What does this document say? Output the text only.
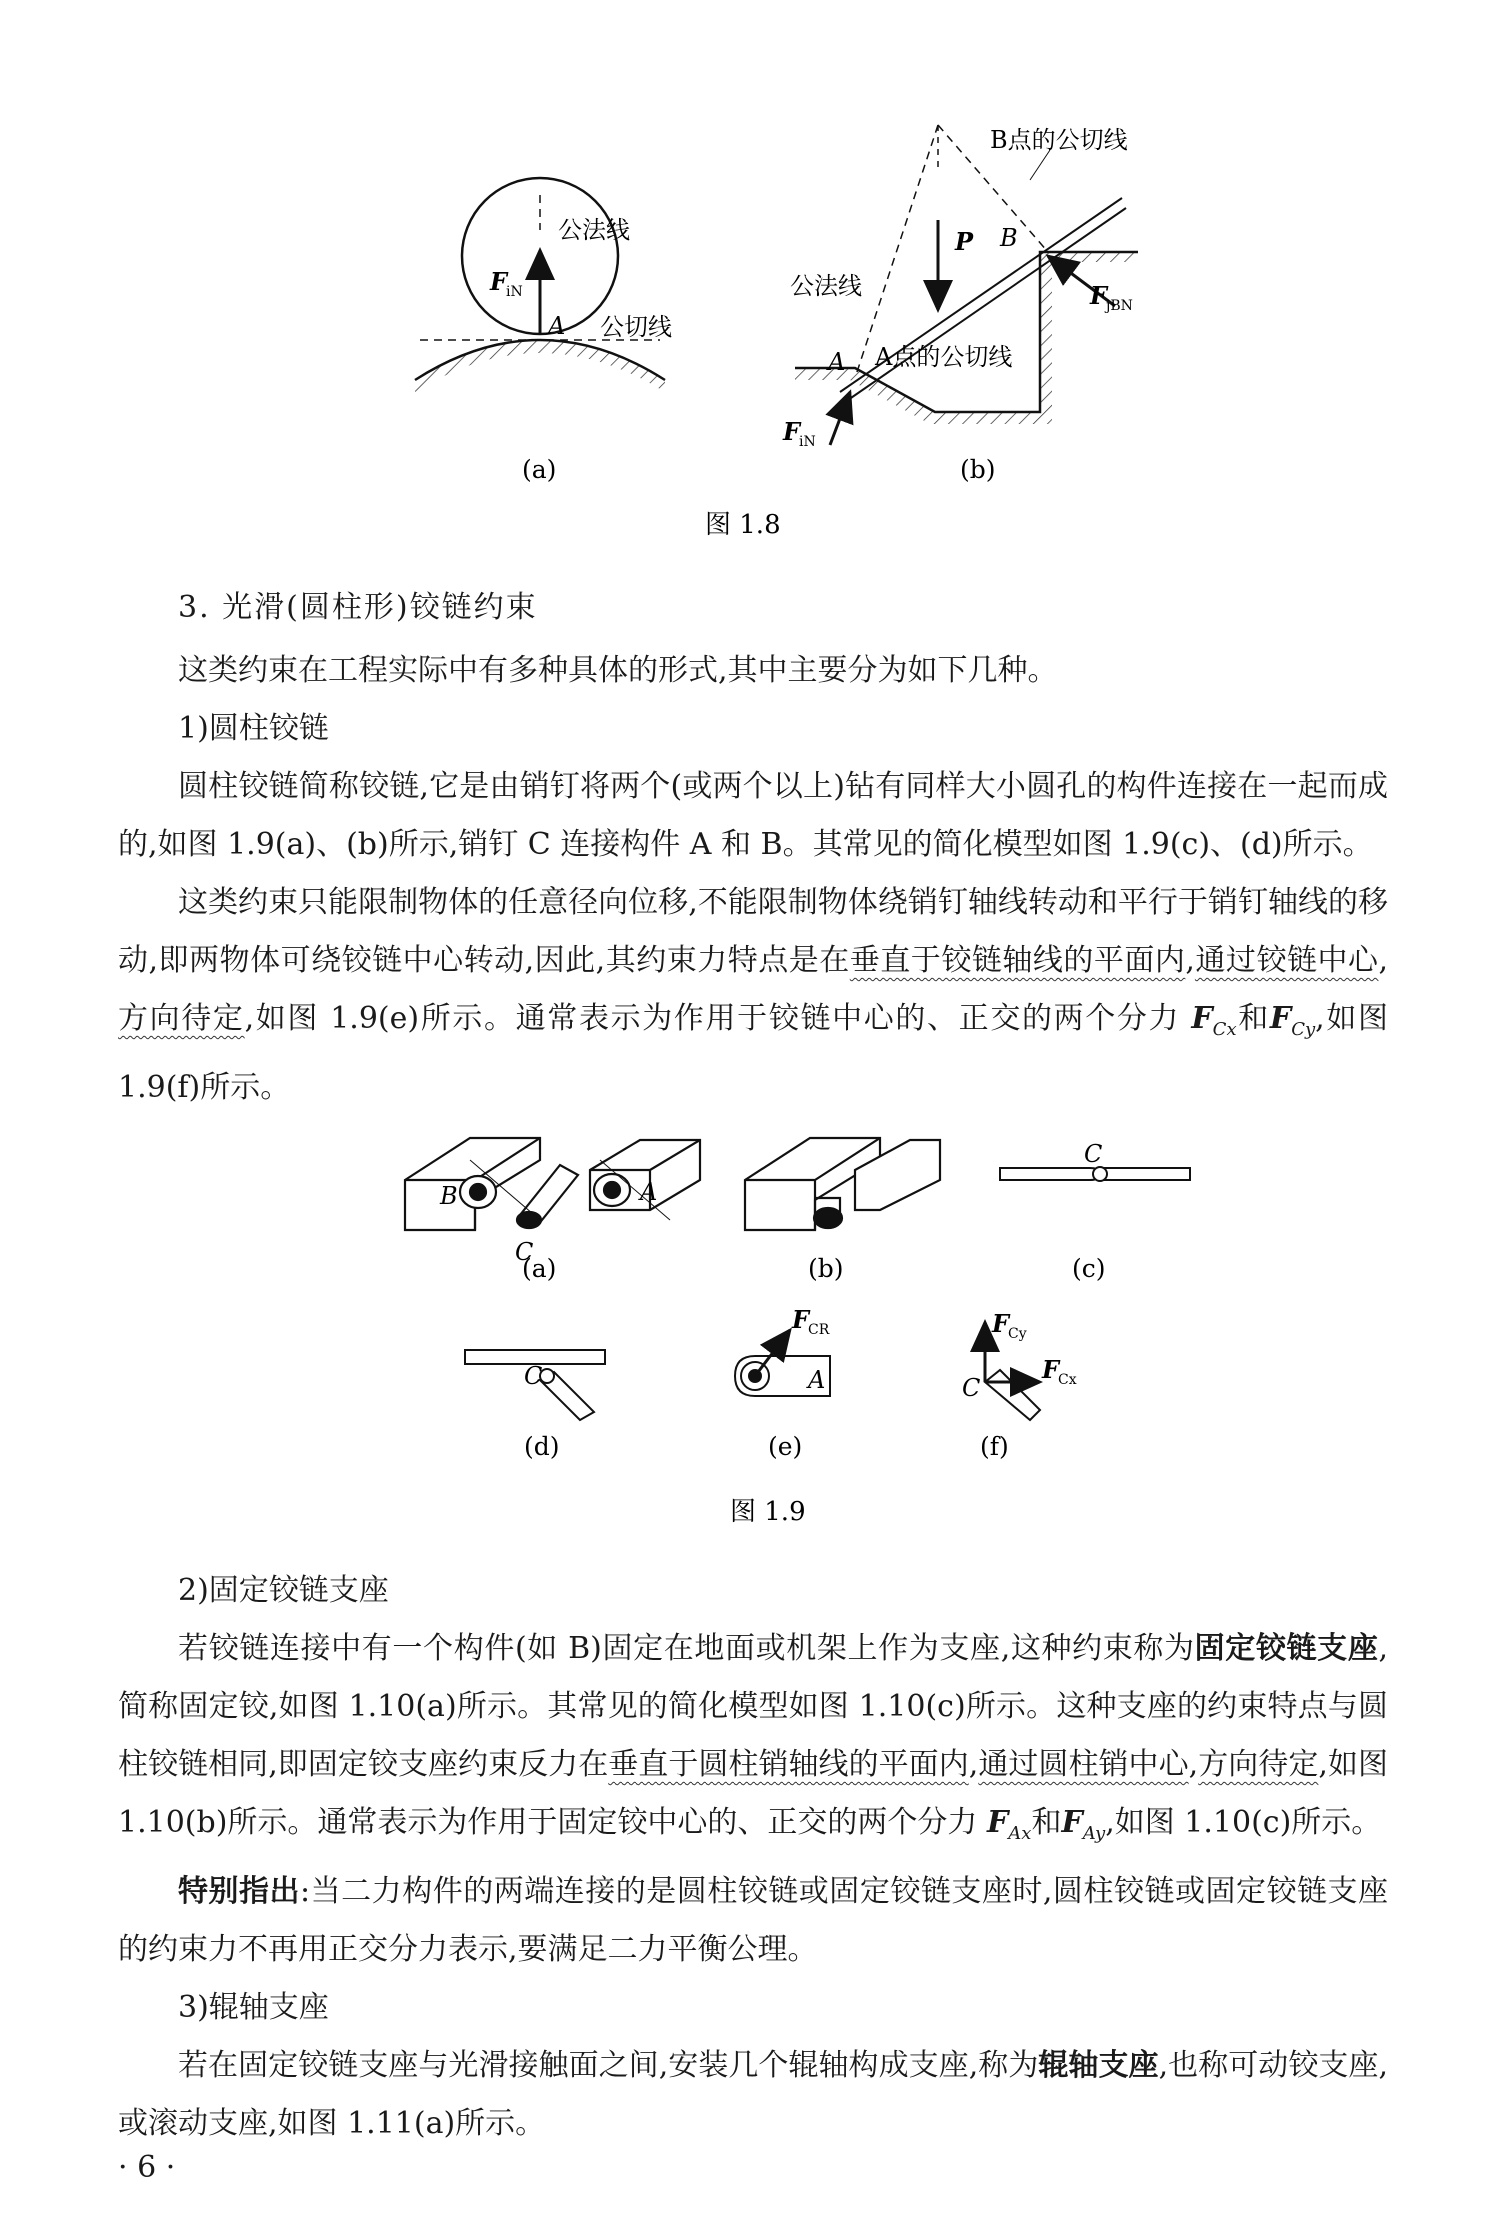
公法线
F
iN
A 公切线
(a)
B点的公切线
P B
公法线	F
jBN
A A点的公切线
F
iN
(b)
图 1.8
3. 光滑(圆柱形)铰链约束

这类约束在工程实际中有多种具体的形式,其中主要分为如下几种。

1)圆柱铰链

圆柱铰链简称铰链,它是由销钉将两个(或两个以上)钻有同样大小圆孔的构件连接在一起而成的,如图 1.9(a)、(b)所示,销钉 C 连接构件 A 和 B。其常见的简化模型如图 1.9(c)、(d)所示。

这类约束只能限制物体的任意径向位移,不能限制物体绕销钉轴线转动和平行于销钉轴线的移动,即两物体可绕铰链中心转动,因此,其约束力特点是在垂直于铰链轴线的平面内,通过铰链中心,方向待定,如图 1.9(e)所示。通常表示为作用于铰链中心的、正交的两个分力 $F_{Cx}$和$F_{Cy}$,如图 1.9(f)所示。

B	A
C
(a)	(b)
C
(c)
C
(d)
F
CR
A
(e)
F
Cy
F
Cx
C
(f)
图 1.9

2)固定铰链支座

若铰链连接中有一个构件(如 B)固定在地面或机架上作为支座,这种约束称为固定铰链支座,简称固定铰,如图 1.10(a)所示。其常见的简化模型如图 1.10(c)所示。这种支座的约束特点与圆柱铰链相同,即固定铰支座约束反力在垂直于圆柱销轴线的平面内,通过圆柱销中心,方向待定,如图 1.10(b)所示。通常表示为作用于固定铰中心的、正交的两个分力 $F_{Ax}$和$F_{Ay}$,如图 1.10(c)所示。

特别指出:当二力构件的两端连接的是圆柱铰链或固定铰链支座时,圆柱铰链或固定铰链支座的约束力不再用正交分力表示,要满足二力平衡公理。

3)辊轴支座

若在固定铰链支座与光滑接触面之间,安装几个辊轴构成支座,称为辊轴支座,也称可动铰支座,或滚动支座,如图 1.11(a)所示。

· 6 ·
